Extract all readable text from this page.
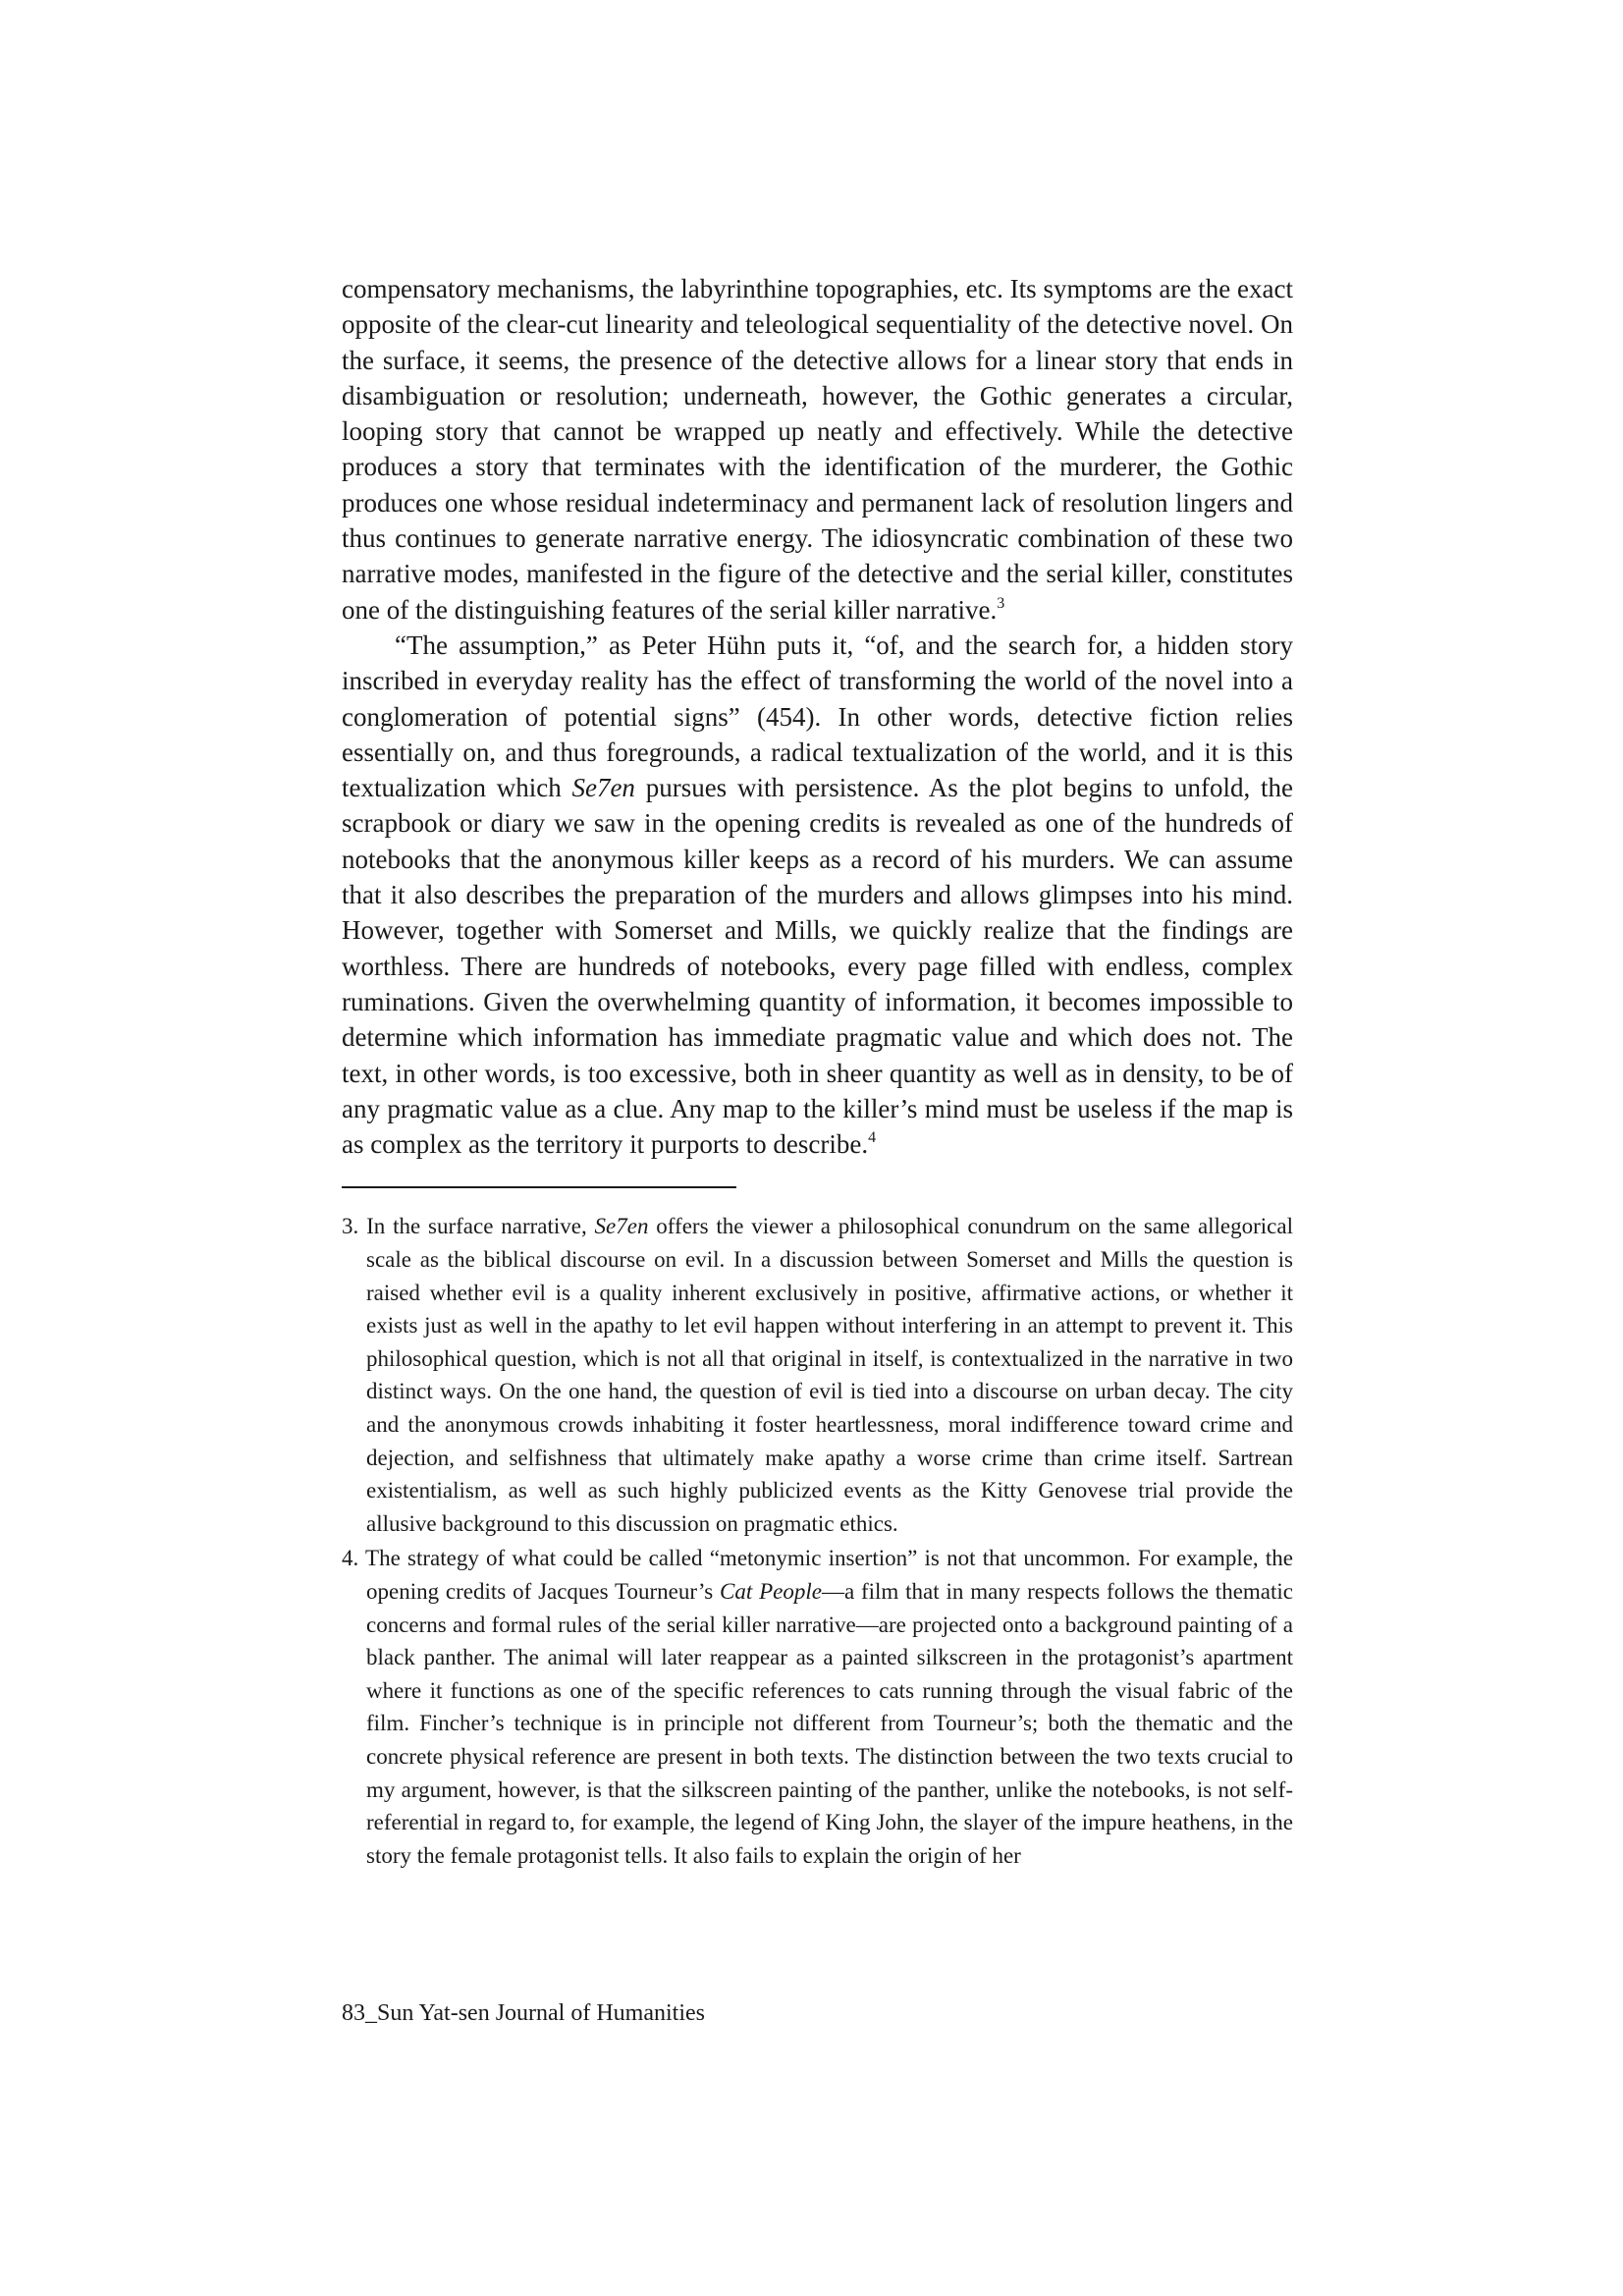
compensatory mechanisms, the labyrinthine topographies, etc. Its symptoms are the exact opposite of the clear-cut linearity and teleological sequentiality of the detective novel. On the surface, it seems, the presence of the detective allows for a linear story that ends in disambiguation or resolution; underneath, however, the Gothic generates a circular, looping story that cannot be wrapped up neatly and effectively. While the detective produces a story that terminates with the identification of the murderer, the Gothic produces one whose residual indeterminacy and permanent lack of resolution lingers and thus continues to generate narrative energy. The idiosyncratic combination of these two narrative modes, manifested in the figure of the detective and the serial killer, constitutes one of the distinguishing features of the serial killer narrative.$^3$

“The assumption,” as Peter Hühn puts it, “of, and the search for, a hidden story inscribed in everyday reality has the effect of transforming the world of the novel into a conglomeration of potential signs” (454). In other words, detective fiction relies essentially on, and thus foregrounds, a radical textualization of the world, and it is this textualization which Se7en pursues with persistence. As the plot begins to unfold, the scrapbook or diary we saw in the opening credits is revealed as one of the hundreds of notebooks that the anonymous killer keeps as a record of his murders. We can assume that it also describes the preparation of the murders and allows glimpses into his mind. However, together with Somerset and Mills, we quickly realize that the findings are worthless. There are hundreds of notebooks, every page filled with endless, complex ruminations. Given the overwhelming quantity of information, it becomes impossible to determine which information has immediate pragmatic value and which does not. The text, in other words, is too excessive, both in sheer quantity as well as in density, to be of any pragmatic value as a clue. Any map to the killer’s mind must be useless if the map is as complex as the territory it purports to describe.$^4$

3. In the surface narrative, Se7en offers the viewer a philosophical conundrum on the same allegorical scale as the biblical discourse on evil. In a discussion between Somerset and Mills the question is raised whether evil is a quality inherent exclusively in positive, affirmative actions, or whether it exists just as well in the apathy to let evil happen without interfering in an attempt to prevent it. This philosophical question, which is not all that original in itself, is contextualized in the narrative in two distinct ways. On the one hand, the question of evil is tied into a discourse on urban decay. The city and the anonymous crowds inhabiting it foster heartlessness, moral indifference toward crime and dejection, and selfishness that ultimately make apathy a worse crime than crime itself. Sartrean existentialism, as well as such highly publicized events as the Kitty Genovese trial provide the allusive background to this discussion on pragmatic ethics.

4. The strategy of what could be called “metonymic insertion” is not that uncommon. For example, the opening credits of Jacques Tourneur’s Cat People—a film that in many respects follows the thematic concerns and formal rules of the serial killer narrative—are projected onto a background painting of a black panther. The animal will later reappear as a painted silkscreen in the protagonist’s apartment where it functions as one of the specific references to cats running through the visual fabric of the film. Fincher’s technique is in principle not different from Tourneur’s; both the thematic and the concrete physical reference are present in both texts. The distinction between the two texts crucial to my argument, however, is that the silkscreen painting of the panther, unlike the notebooks, is not self-referential in regard to, for example, the legend of King John, the slayer of the impure heathens, in the story the female protagonist tells. It also fails to explain the origin of her

83_Sun Yat-sen Journal of Humanities
